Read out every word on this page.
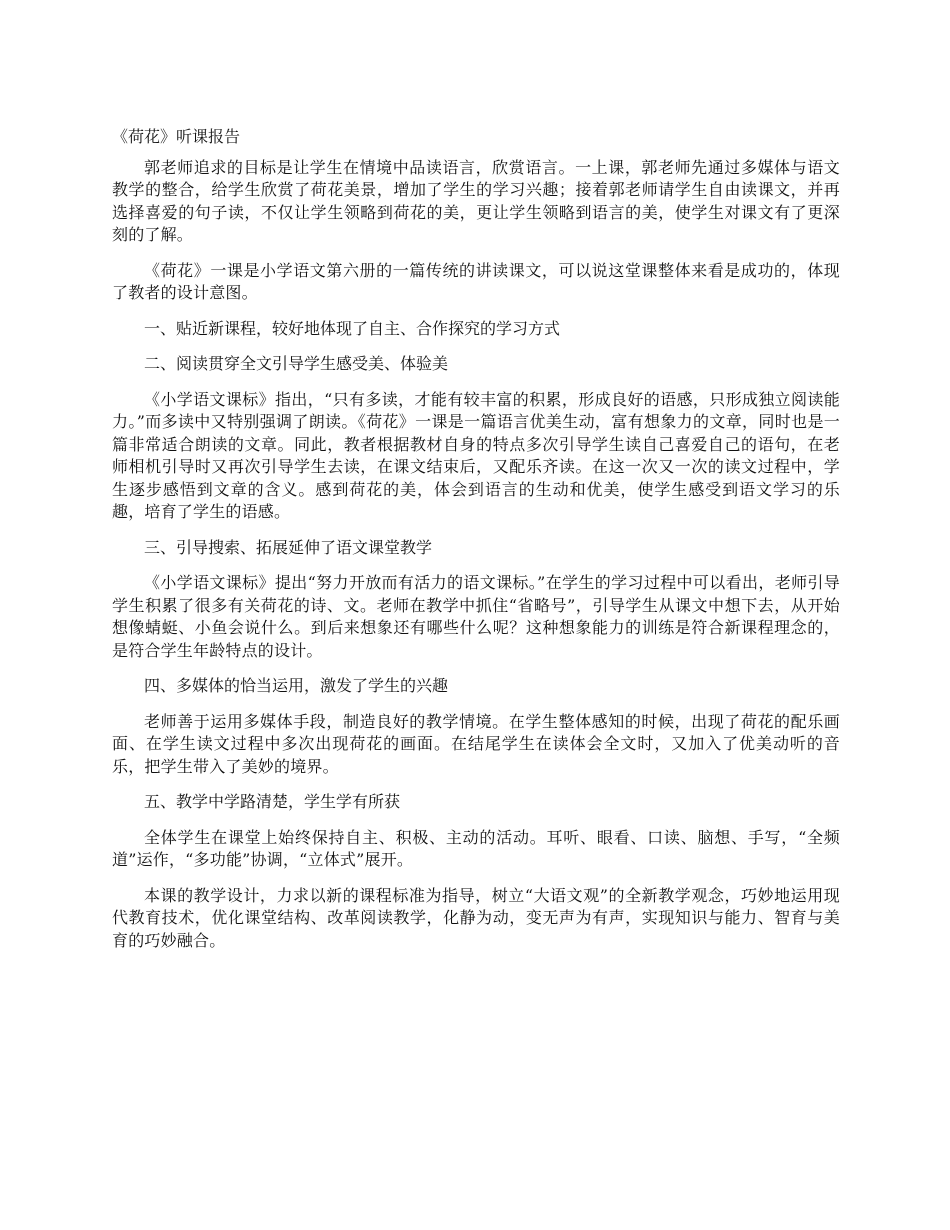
《荷花》听课报告

郭老师追求的目标是让学生在情境中品读语言，欣赏语言。一上课，郭老师先通过多媒体与语文教学的整合，给学生欣赏了荷花美景，增加了学生的学习兴趣；接着郭老师请学生自由读课文，并再选择喜爱的句子读，不仅让学生领略到荷花的美，更让学生领略到语言的美，使学生对课文有了更深刻的了解。

《荷花》一课是小学语文第六册的一篇传统的讲读课文，可以说这堂课整体来看是成功的，体现了教者的设计意图。

一、贴近新课程，较好地体现了自主、合作探究的学习方式

二、阅读贯穿全文引导学生感受美、体验美

《小学语文课标》指出，“只有多读，才能有较丰富的积累，形成良好的语感，只形成独立阅读能力。”而多读中又特别强调了朗读。《荷花》一课是一篇语言优美生动，富有想象力的文章，同时也是一篇非常适合朗读的文章。同此，教者根据教材自身的特点多次引导学生读自己喜爱自己的语句，在老师相机引导时又再次引导学生去读，在课文结束后，又配乐齐读。在这一次又一次的读文过程中，学生逐步感悟到文章的含义。感到荷花的美，体会到语言的生动和优美，使学生感受到语文学习的乐趣，培育了学生的语感。

三、引导搜索、拓展延伸了语文课堂教学

《小学语文课标》提出“努力开放而有活力的语文课标。”在学生的学习过程中可以看出，老师引导学生积累了很多有关荷花的诗、文。老师在教学中抓住“省略号”，引导学生从课文中想下去，从开始想像蜻蜓、小鱼会说什么。到后来想象还有哪些什么呢？这种想象能力的训练是符合新课程理念的，是符合学生年龄特点的设计。

四、多媒体的恰当运用，激发了学生的兴趣

老师善于运用多媒体手段，制造良好的教学情境。在学生整体感知的时候，出现了荷花的配乐画面、在学生读文过程中多次出现荷花的画面。在结尾学生在读体会全文时，又加入了优美动听的音乐，把学生带入了美妙的境界。

五、教学中学路清楚，学生学有所获

全体学生在课堂上始终保持自主、积极、主动的活动。耳听、眼看、口读、脑想、手写，“全频道”运作，“多功能”协调，“立体式”展开。

本课的教学设计，力求以新的课程标准为指导，树立“大语文观”的全新教学观念，巧妙地运用现代教育技术，优化课堂结构、改革阅读教学，化静为动，变无声为有声，实现知识与能力、智育与美育的巧妙融合。
